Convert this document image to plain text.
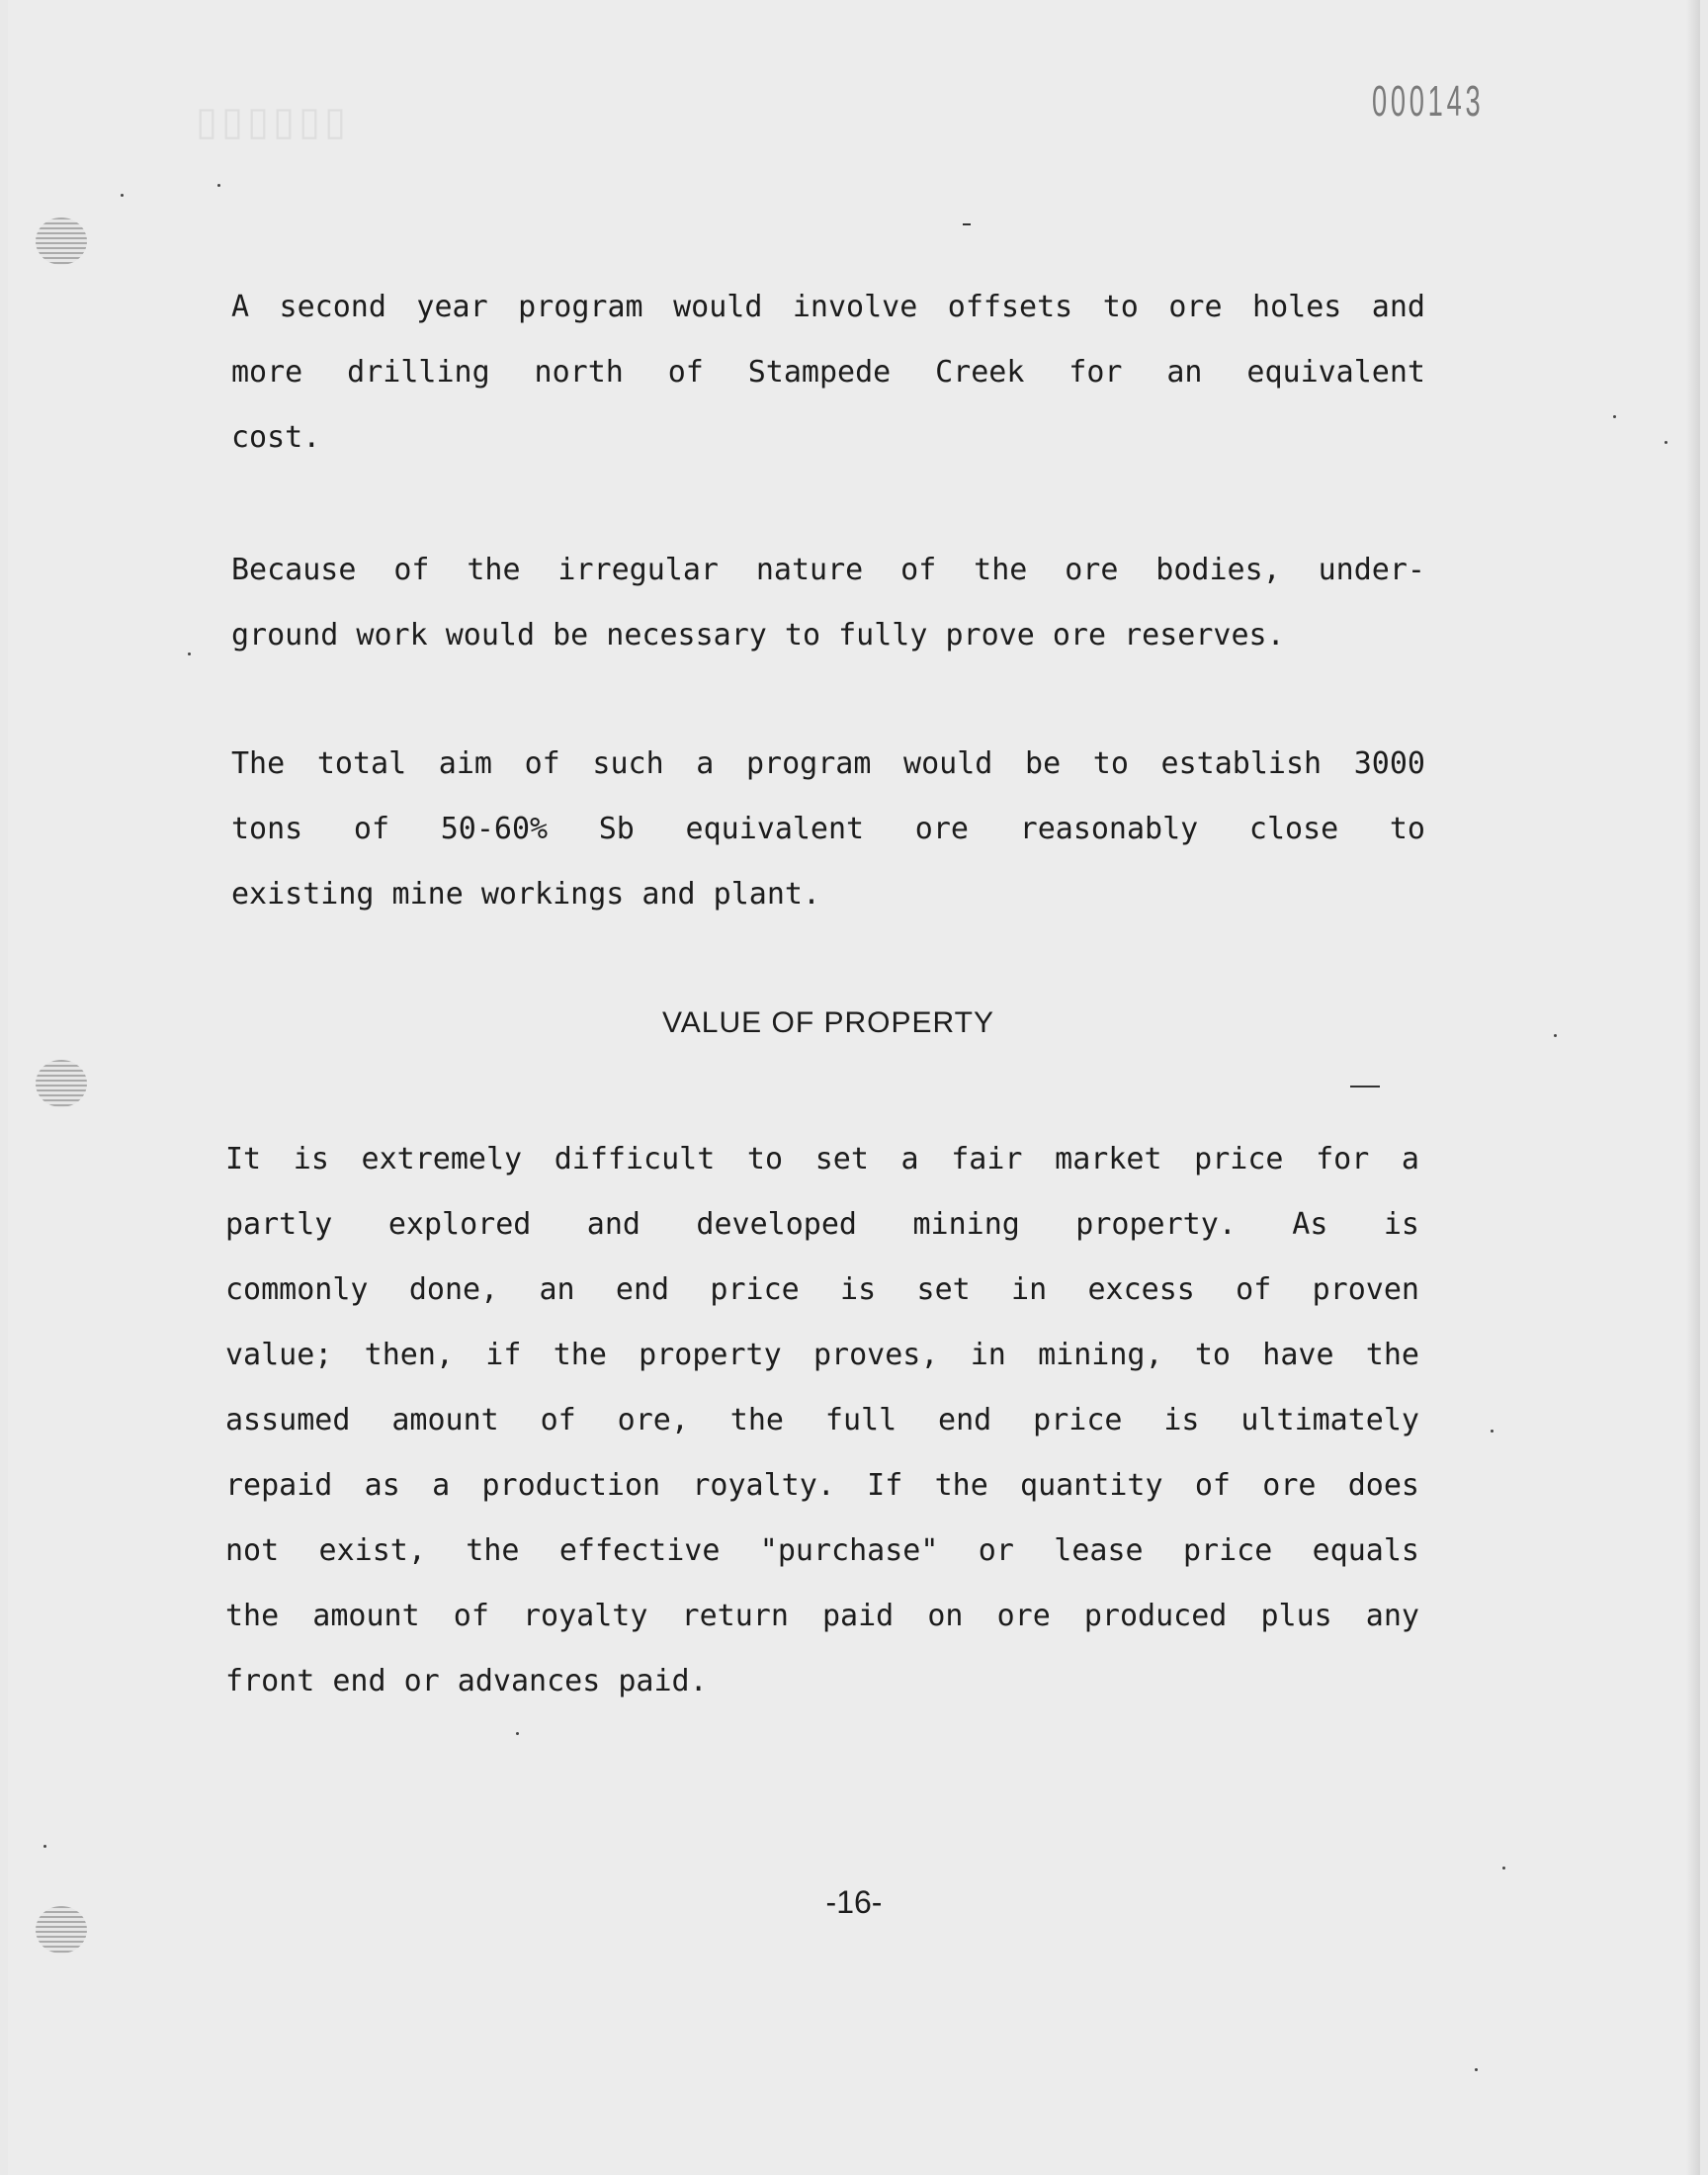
▯▯▯▯▯▯	000143
A second year program would involve offsets to ore holes and
more drilling north of Stampede Creek for an equivalent
cost.
Because of the irregular nature of the ore bodies, under-
ground work would be necessary to fully prove ore reserves.
The total aim of such a program would be to establish 3000
tons of 50-60% Sb equivalent ore reasonably close to
existing mine workings and plant.
VALUE OF PROPERTY
It is extremely difficult to set a fair market price for a
partly explored and developed mining property. As is
commonly done, an end price is set in excess of proven
value; then, if the property proves, in mining, to have the
assumed amount of ore, the full end price is ultimately
repaid as a production royalty. If the quantity of ore does
not exist, the effective "purchase" or lease price equals
the amount of royalty return paid on ore produced plus any
front end or advances paid.
-16-
